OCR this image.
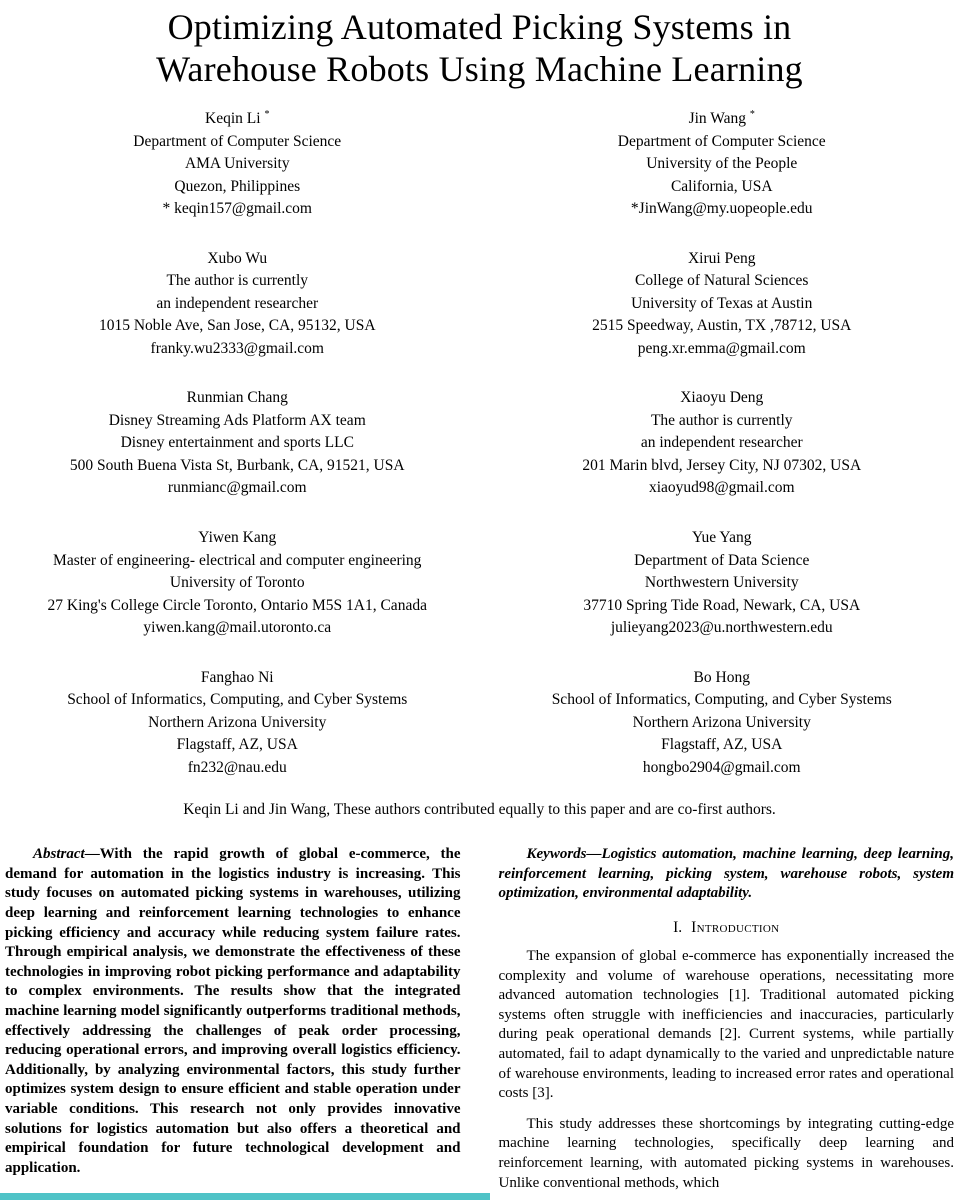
Optimizing Automated Picking Systems in
Warehouse Robots Using Machine Learning
Keqin Li *
Department of Computer Science
AMA University
Quezon, Philippines
* keqin157@gmail.com
Jin Wang *
Department of Computer Science
University of the People
California, USA
*JinWang@my.uopeople.edu
Xubo Wu
The author is currently
an independent researcher
1015 Noble Ave, San Jose, CA, 95132, USA
franky.wu2333@gmail.com
Xirui Peng
College of Natural Sciences
University of Texas at Austin
2515 Speedway, Austin, TX ,78712, USA
peng.xr.emma@gmail.com
Runmian Chang
Disney Streaming Ads Platform AX team
Disney entertainment and sports LLC
500 South Buena Vista St, Burbank, CA, 91521, USA
runmianc@gmail.com
Xiaoyu Deng
The author is currently
an independent researcher
201 Marin blvd, Jersey City, NJ 07302, USA
xiaoyud98@gmail.com
Yiwen Kang
Master of engineering- electrical and computer engineering
University of Toronto
27 King's College Circle Toronto, Ontario M5S 1A1, Canada
yiwen.kang@mail.utoronto.ca
Yue Yang
Department of Data Science
Northwestern University
37710 Spring Tide Road, Newark, CA, USA
julieyang2023@u.northwestern.edu
Fanghao Ni
School of Informatics, Computing, and Cyber Systems
Northern Arizona University
Flagstaff, AZ, USA
fn232@nau.edu
Bo Hong
School of Informatics, Computing, and Cyber Systems
Northern Arizona University
Flagstaff, AZ, USA
hongbo2904@gmail.com

Keqin Li and Jin Wang, These authors contributed equally to this paper and are co-first authors.

Abstract—With the rapid growth of global e-commerce, the demand for automation in the logistics industry is increasing. This study focuses on automated picking systems in warehouses, utilizing deep learning and reinforcement learning technologies to enhance picking efficiency and accuracy while reducing system failure rates. Through empirical analysis, we demonstrate the effectiveness of these technologies in improving robot picking performance and adaptability to complex environments. The results show that the integrated machine learning model significantly outperforms traditional methods, effectively addressing the challenges of peak order processing, reducing operational errors, and improving overall logistics efficiency. Additionally, by analyzing environmental factors, this study further optimizes system design to ensure efficient and stable operation under variable conditions. This research not only provides innovative solutions for logistics automation but also offers a theoretical and empirical foundation for future technological development and application.

Keywords—Logistics automation, machine learning, deep learning, reinforcement learning, picking system, warehouse robots, system optimization, environmental adaptability.

I. Introduction

The expansion of global e-commerce has exponentially increased the complexity and volume of warehouse operations, necessitating more advanced automation technologies [1]. Traditional automated picking systems often struggle with inefficiencies and inaccuracies, particularly during peak operational demands [2]. Current systems, while partially automated, fail to adapt dynamically to the varied and unpredictable nature of warehouse environments, leading to increased error rates and operational costs [3].

This study addresses these shortcomings by integrating cutting-edge machine learning technologies, specifically deep learning and reinforcement learning, with automated picking systems in warehouses. Unlike conventional methods, which
